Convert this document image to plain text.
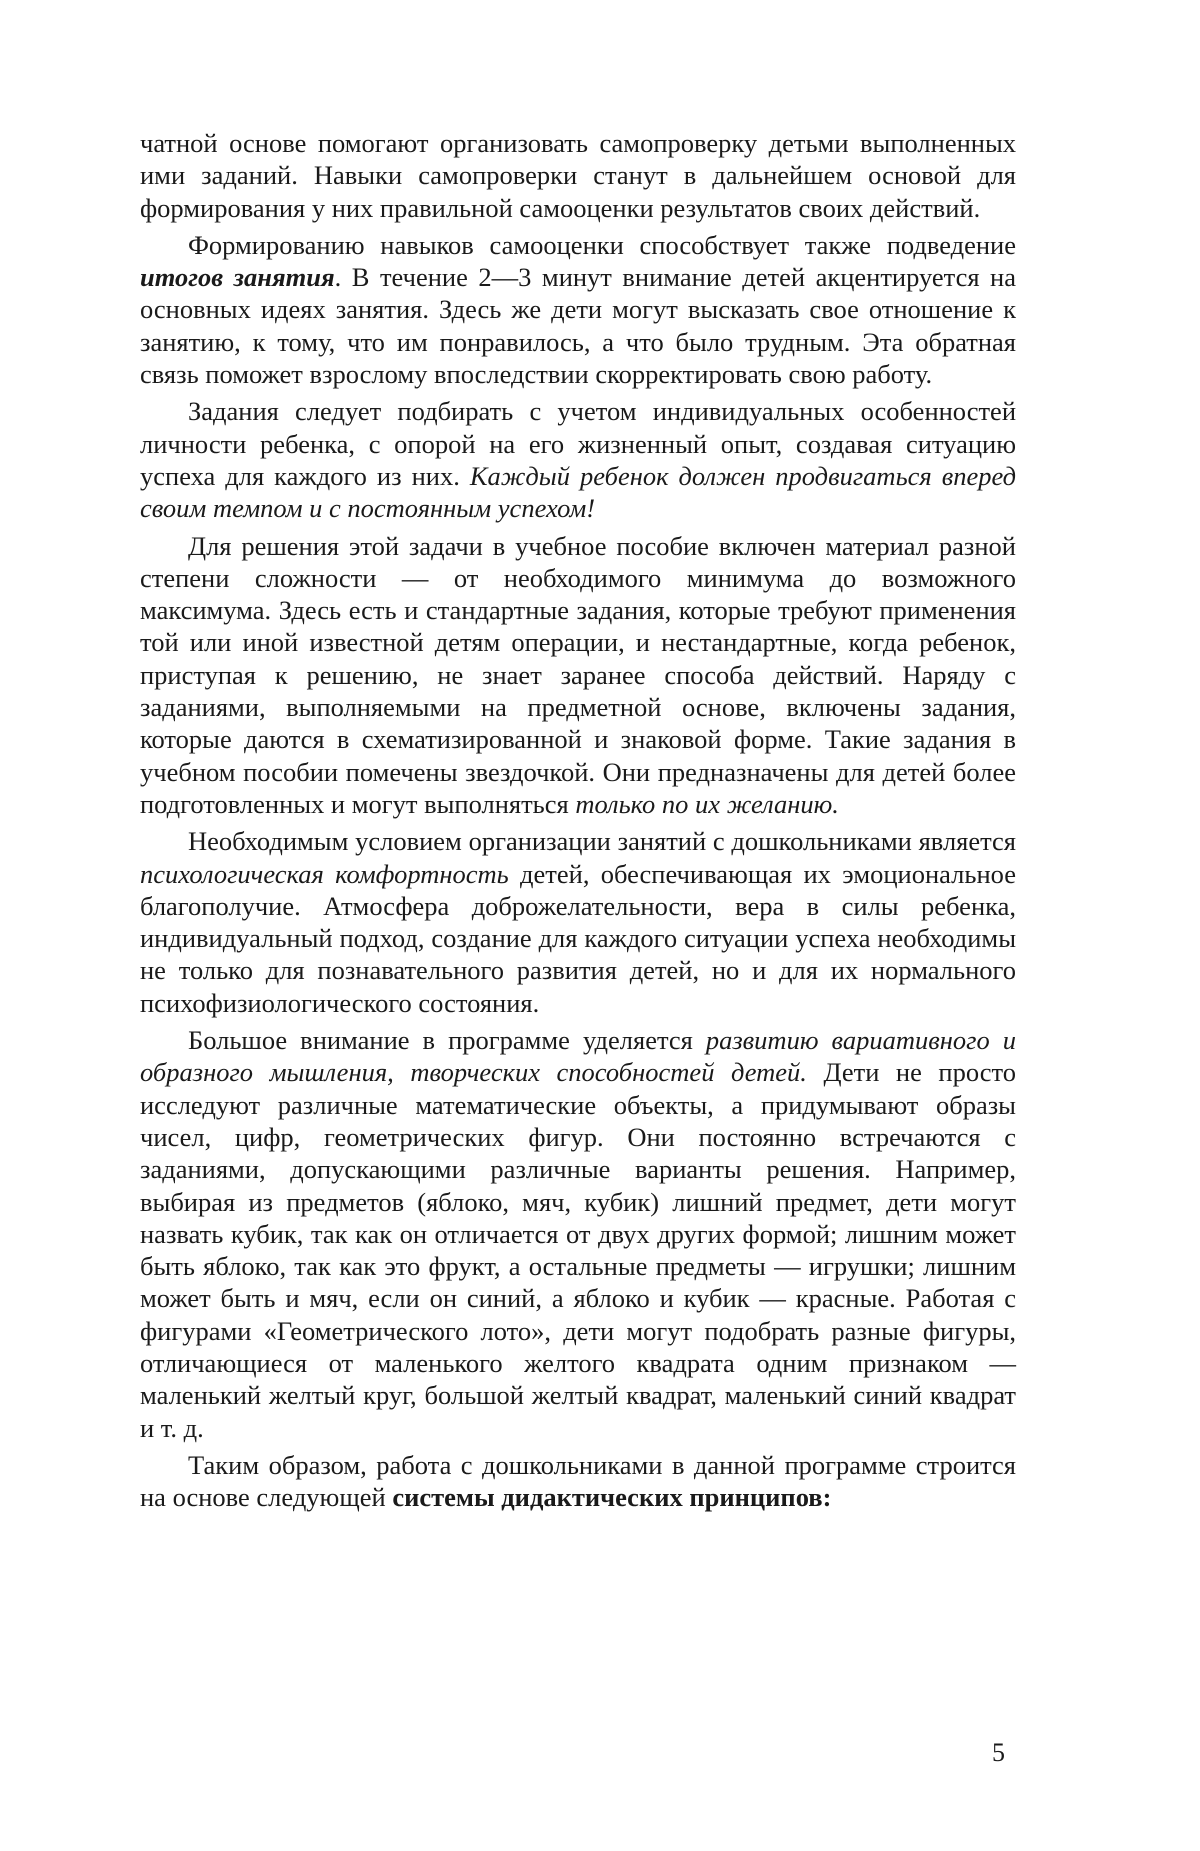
чатной основе помогают организовать самопроверку детьми выполненных ими заданий. Навыки самопроверки станут в дальнейшем основой для формирования у них правильной самооценки результатов своих действий.

Формированию навыков самооценки способствует также подведение итогов занятия. В течение 2—3 минут внимание детей акцентируется на основных идеях занятия. Здесь же дети могут высказать свое отношение к занятию, к тому, что им понравилось, а что было трудным. Эта обратная связь поможет взрослому впоследствии скорректировать свою работу.

Задания следует подбирать с учетом индивидуальных особенностей личности ребенка, с опорой на его жизненный опыт, создавая ситуацию успеха для каждого из них. Каждый ребенок должен продвигаться вперед своим темпом и с постоянным успехом!

Для решения этой задачи в учебное пособие включен материал разной степени сложности — от необходимого минимума до возможного максимума. Здесь есть и стандартные задания, которые требуют применения той или иной известной детям операции, и нестандартные, когда ребенок, приступая к решению, не знает заранее способа действий. Наряду с заданиями, выполняемыми на предметной основе, включены задания, которые даются в схематизированной и знаковой форме. Такие задания в учебном пособии помечены звездочкой. Они предназначены для детей более подготовленных и могут выполняться только по их желанию.

Необходимым условием организации занятий с дошкольниками является психологическая комфортность детей, обеспечивающая их эмоциональное благополучие. Атмосфера доброжелательности, вера в силы ребенка, индивидуальный подход, создание для каждого ситуации успеха необходимы не только для познавательного развития детей, но и для их нормального психофизиологического состояния.

Большое внимание в программе уделяется развитию вариативного и образного мышления, творческих способностей детей. Дети не просто исследуют различные математические объекты, а придумывают образы чисел, цифр, геометрических фигур. Они постоянно встречаются с заданиями, допускающими различные варианты решения. Например, выбирая из предметов (яблоко, мяч, кубик) лишний предмет, дети могут назвать кубик, так как он отличается от двух других формой; лишним может быть яблоко, так как это фрукт, а остальные предметы — игрушки; лишним может быть и мяч, если он синий, а яблоко и кубик — красные. Работая с фигурами «Геометрического лото», дети могут подобрать разные фигуры, отличающиеся от маленького желтого квадрата одним признаком — маленький желтый круг, большой желтый квадрат, маленький синий квадрат и т. д.

Таким образом, работа с дошкольниками в данной программе строится на основе следующей системы дидактических принципов:

5
